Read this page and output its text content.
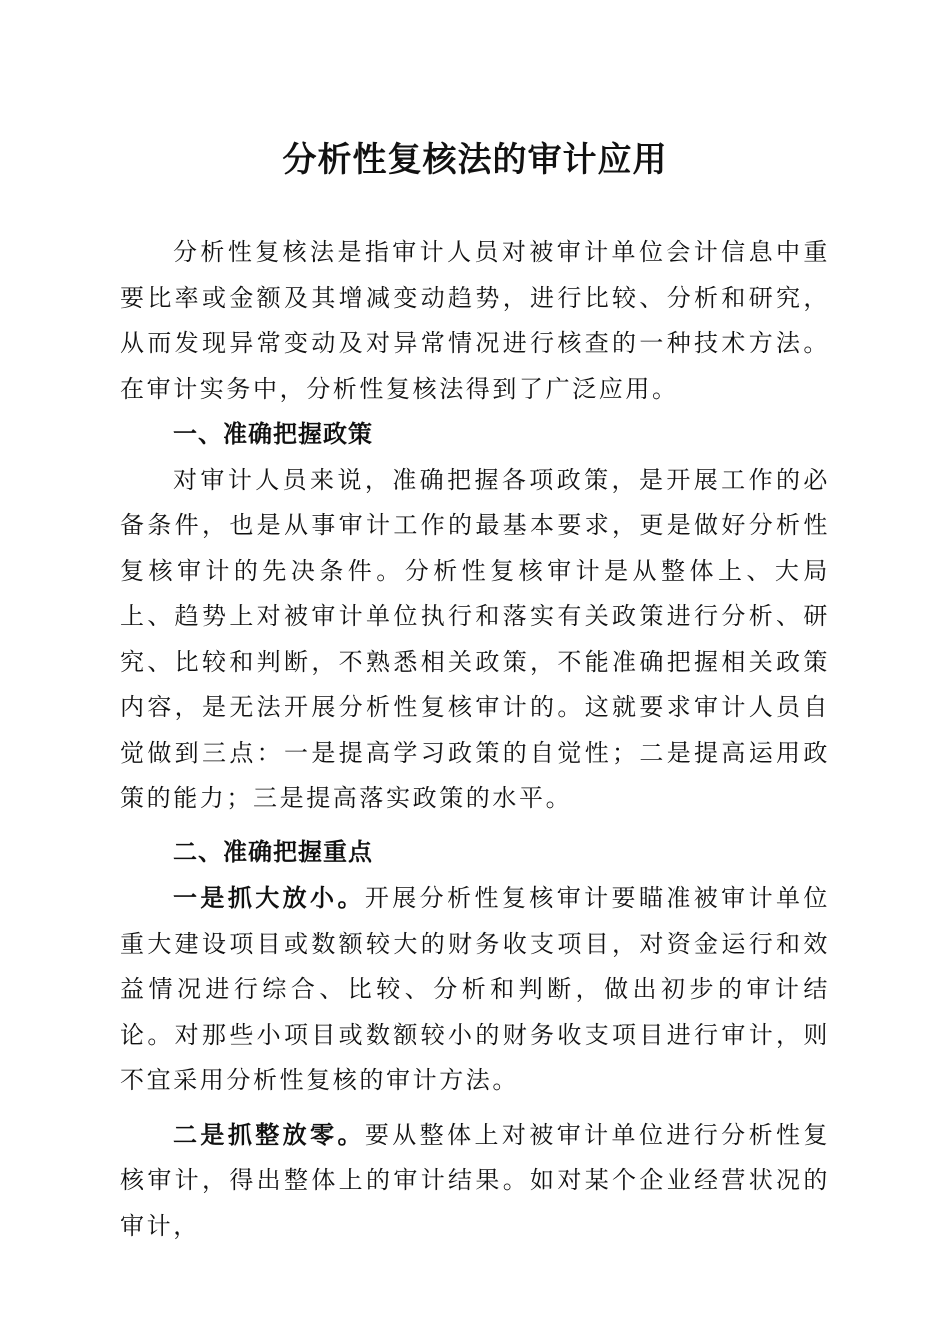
分析性复核法的审计应用

分析性复核法是指审计人员对被审计单位会计信息中重要比率或金额及其增减变动趋势，进行比较、分析和研究，从而发现异常变动及对异常情况进行核查的一种技术方法。在审计实务中，分析性复核法得到了广泛应用。

一、准确把握政策

对审计人员来说，准确把握各项政策，是开展工作的必备条件，也是从事审计工作的最基本要求，更是做好分析性复核审计的先决条件。分析性复核审计是从整体上、大局上、趋势上对被审计单位执行和落实有关政策进行分析、研究、比较和判断，不熟悉相关政策，不能准确把握相关政策内容，是无法开展分析性复核审计的。这就要求审计人员自觉做到三点：一是提高学习政策的自觉性；二是提高运用政策的能力；三是提高落实政策的水平。

二、准确把握重点

一是抓大放小。开展分析性复核审计要瞄准被审计单位重大建设项目或数额较大的财务收支项目，对资金运行和效益情况进行综合、比较、分析和判断，做出初步的审计结论。对那些小项目或数额较小的财务收支项目进行审计，则不宜采用分析性复核的审计方法。

二是抓整放零。要从整体上对被审计单位进行分析性复核审计，得出整体上的审计结果。如对某个企业经营状况的审计，
